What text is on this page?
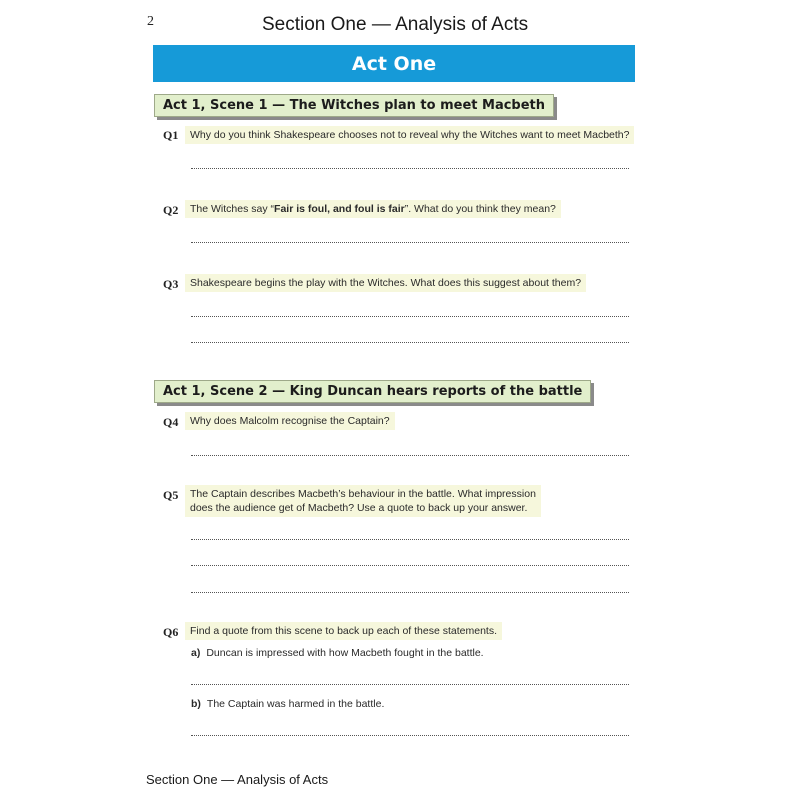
2	Section One — Analysis of Acts
Act One
Act 1, Scene 1 — The Witches plan to meet Macbeth
Q1	Why do you think Shakespeare chooses not to reveal why the Witches want to meet Macbeth?
Q2	The Witches say “Fair is foul, and foul is fair”. What do you think they mean?
Q3	Shakespeare begins the play with the Witches. What does this suggest about them?
Act 1, Scene 2 — King Duncan hears reports of the battle
Q4	Why does Malcolm recognise the Captain?
Q5 The Captain describes Macbeth’s behaviour in the battle. What impression
does the audience get of Macbeth? Use a quote to back up your answer.
Q6	Find a quote from this scene to back up each of these statements.
a) Duncan is impressed with how Macbeth fought in the battle.
b) The Captain was harmed in the battle.
Section One — Analysis of Acts
